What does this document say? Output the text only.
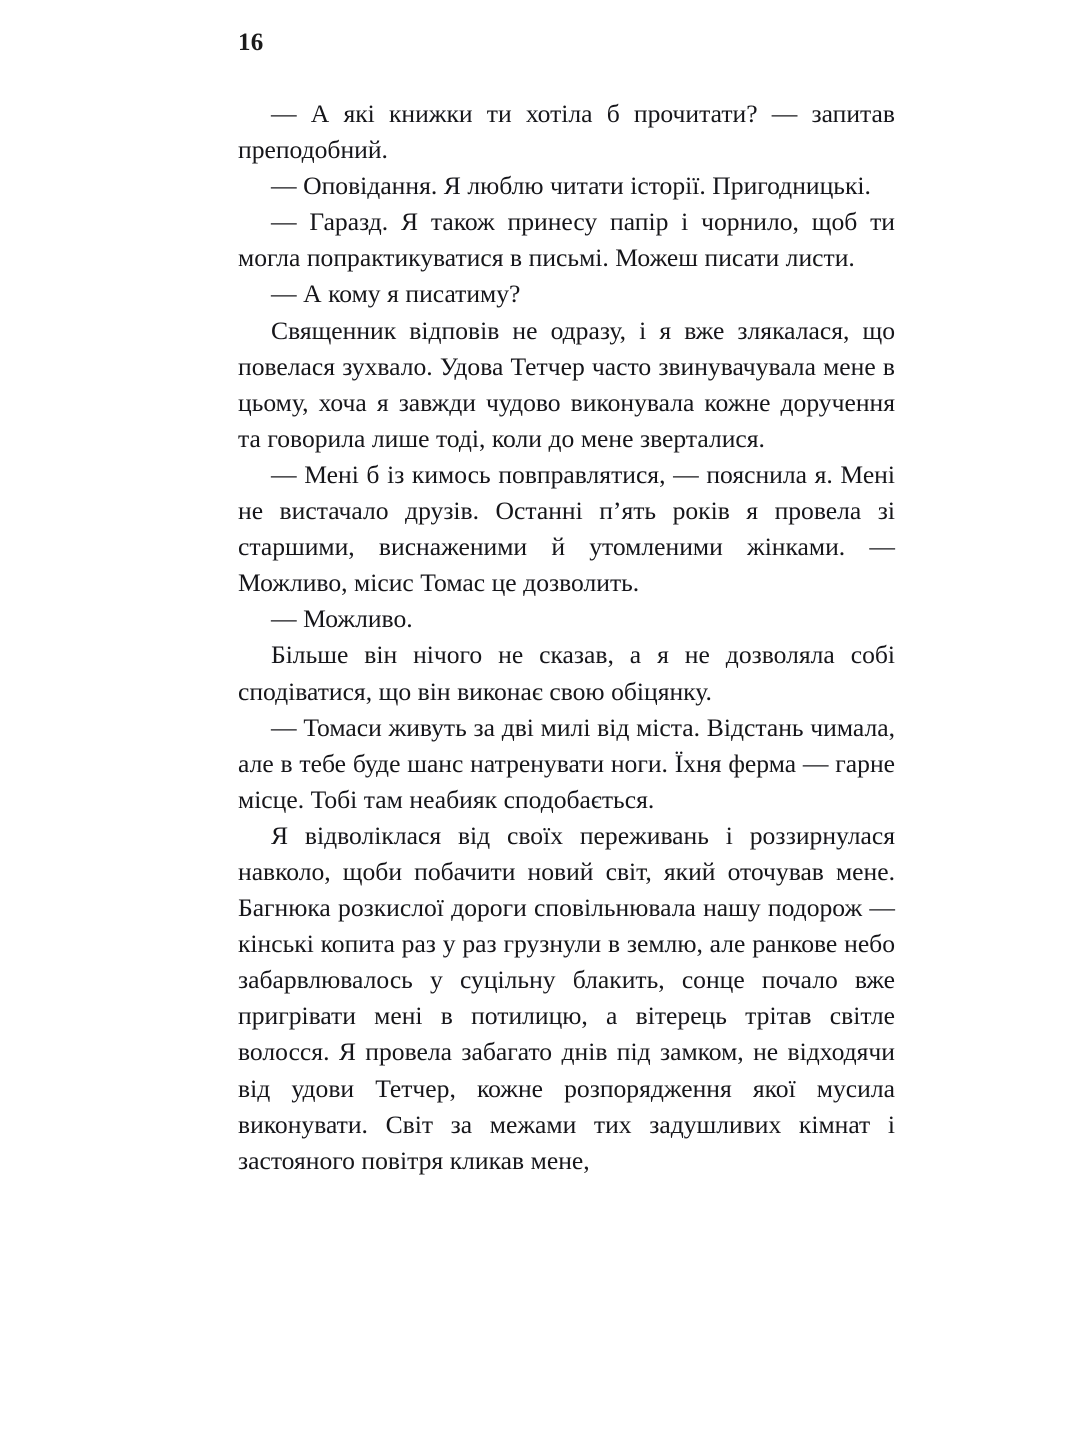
16

— А які книжки ти хотіла б прочитати? — запитав преподобний.

— Оповідання. Я люблю читати історії. Пригодницькі.

— Гаразд. Я також принесу папір і чорнило, щоб ти могла попрактикуватися в письмі. Можеш писати листи.

— А кому я писатиму?

Священник відповів не одразу, і я вже злякалася, що повелася зухвало. Удова Тетчер часто звинувачувала мене в цьому, хоча я завжди чудово виконувала кожне доручення та говорила лише тоді, коли до мене зверталися.

— Мені б із кимось повправлятися, — пояснила я. Мені не вистачало друзів. Останні п’ять років я провела зі старшими, виснаженими й утомленими жінками. — Можливо, місис Томас це дозволить.

— Можливо.

Більше він нічого не сказав, а я не дозволяла собі сподіватися, що він виконає свою обіцянку.

— Томаси живуть за дві милі від міста. Відстань чимала, але в тебе буде шанс натренувати ноги. Їхня ферма — гарне місце. Тобі там неабияк сподобається.

Я відволіклася від своїх переживань і роззирнулася навколо, щоби побачити новий світ, який оточував мене. Багнюка розкислої дороги сповільнювала нашу подорож — кінські копита раз у раз грузнули в землю, але ранкове небо забарвлювалось у суцільну блакить, сонце почало вже пригрівати мені в потилицю, а вітерець трітав світле волосся. Я провела забагато днів під замком, не відходячи від удови Тетчер, кожне розпорядження якої мусила виконувати. Світ за межами тих задушливих кімнат і застояного повітря кликав мене,
